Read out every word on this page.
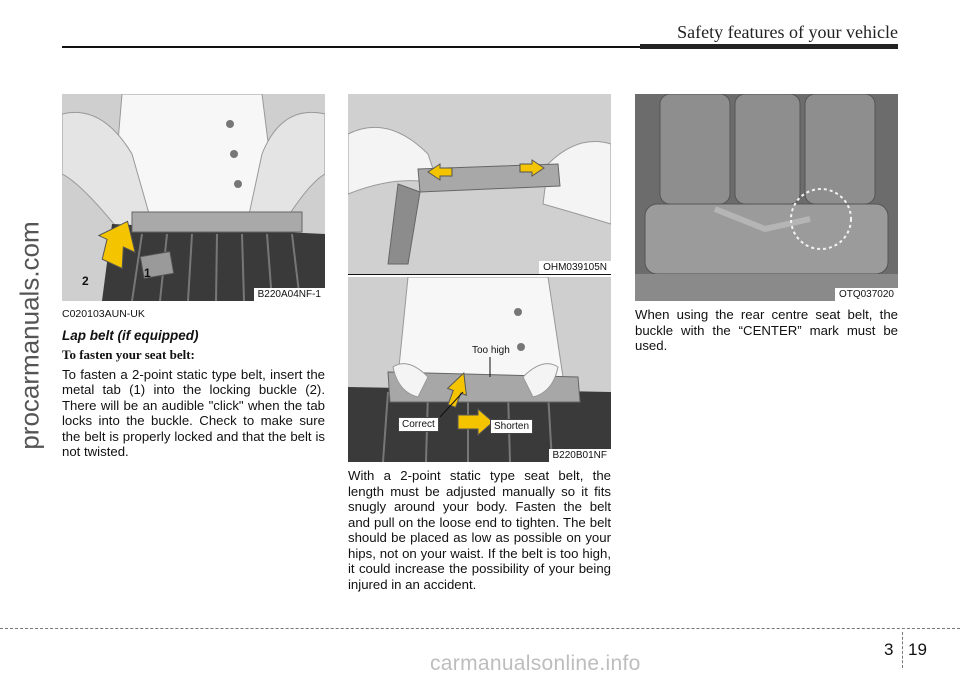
Safety features of your vehicle
procarmanuals.com	1
2
B220A04NF-1
OHM039105N
Too high
Correct	Shorten
B220B01NF
OTQ037020

C020103AUN-UK

Lap belt (if equipped)

To fasten your seat belt:

To fasten a 2-point static type belt, insert the metal tab (1) into the locking buckle (2). There will be an audible "click" when the tab locks into the buckle. Check to make sure the belt is properly locked and that the belt is not twisted.

With a 2-point static type seat belt, the length must be adjusted manually so it fits snugly around your body. Fasten the belt and pull on the loose end to tighten. The belt should be placed as low as possible on your hips, not on your waist. If the belt is too high, it could increase the possibility of your being injured in an accident.

When using the rear centre seat belt, the buckle with the “CENTER” mark must be used.

3 19
carmanualsonline.info
